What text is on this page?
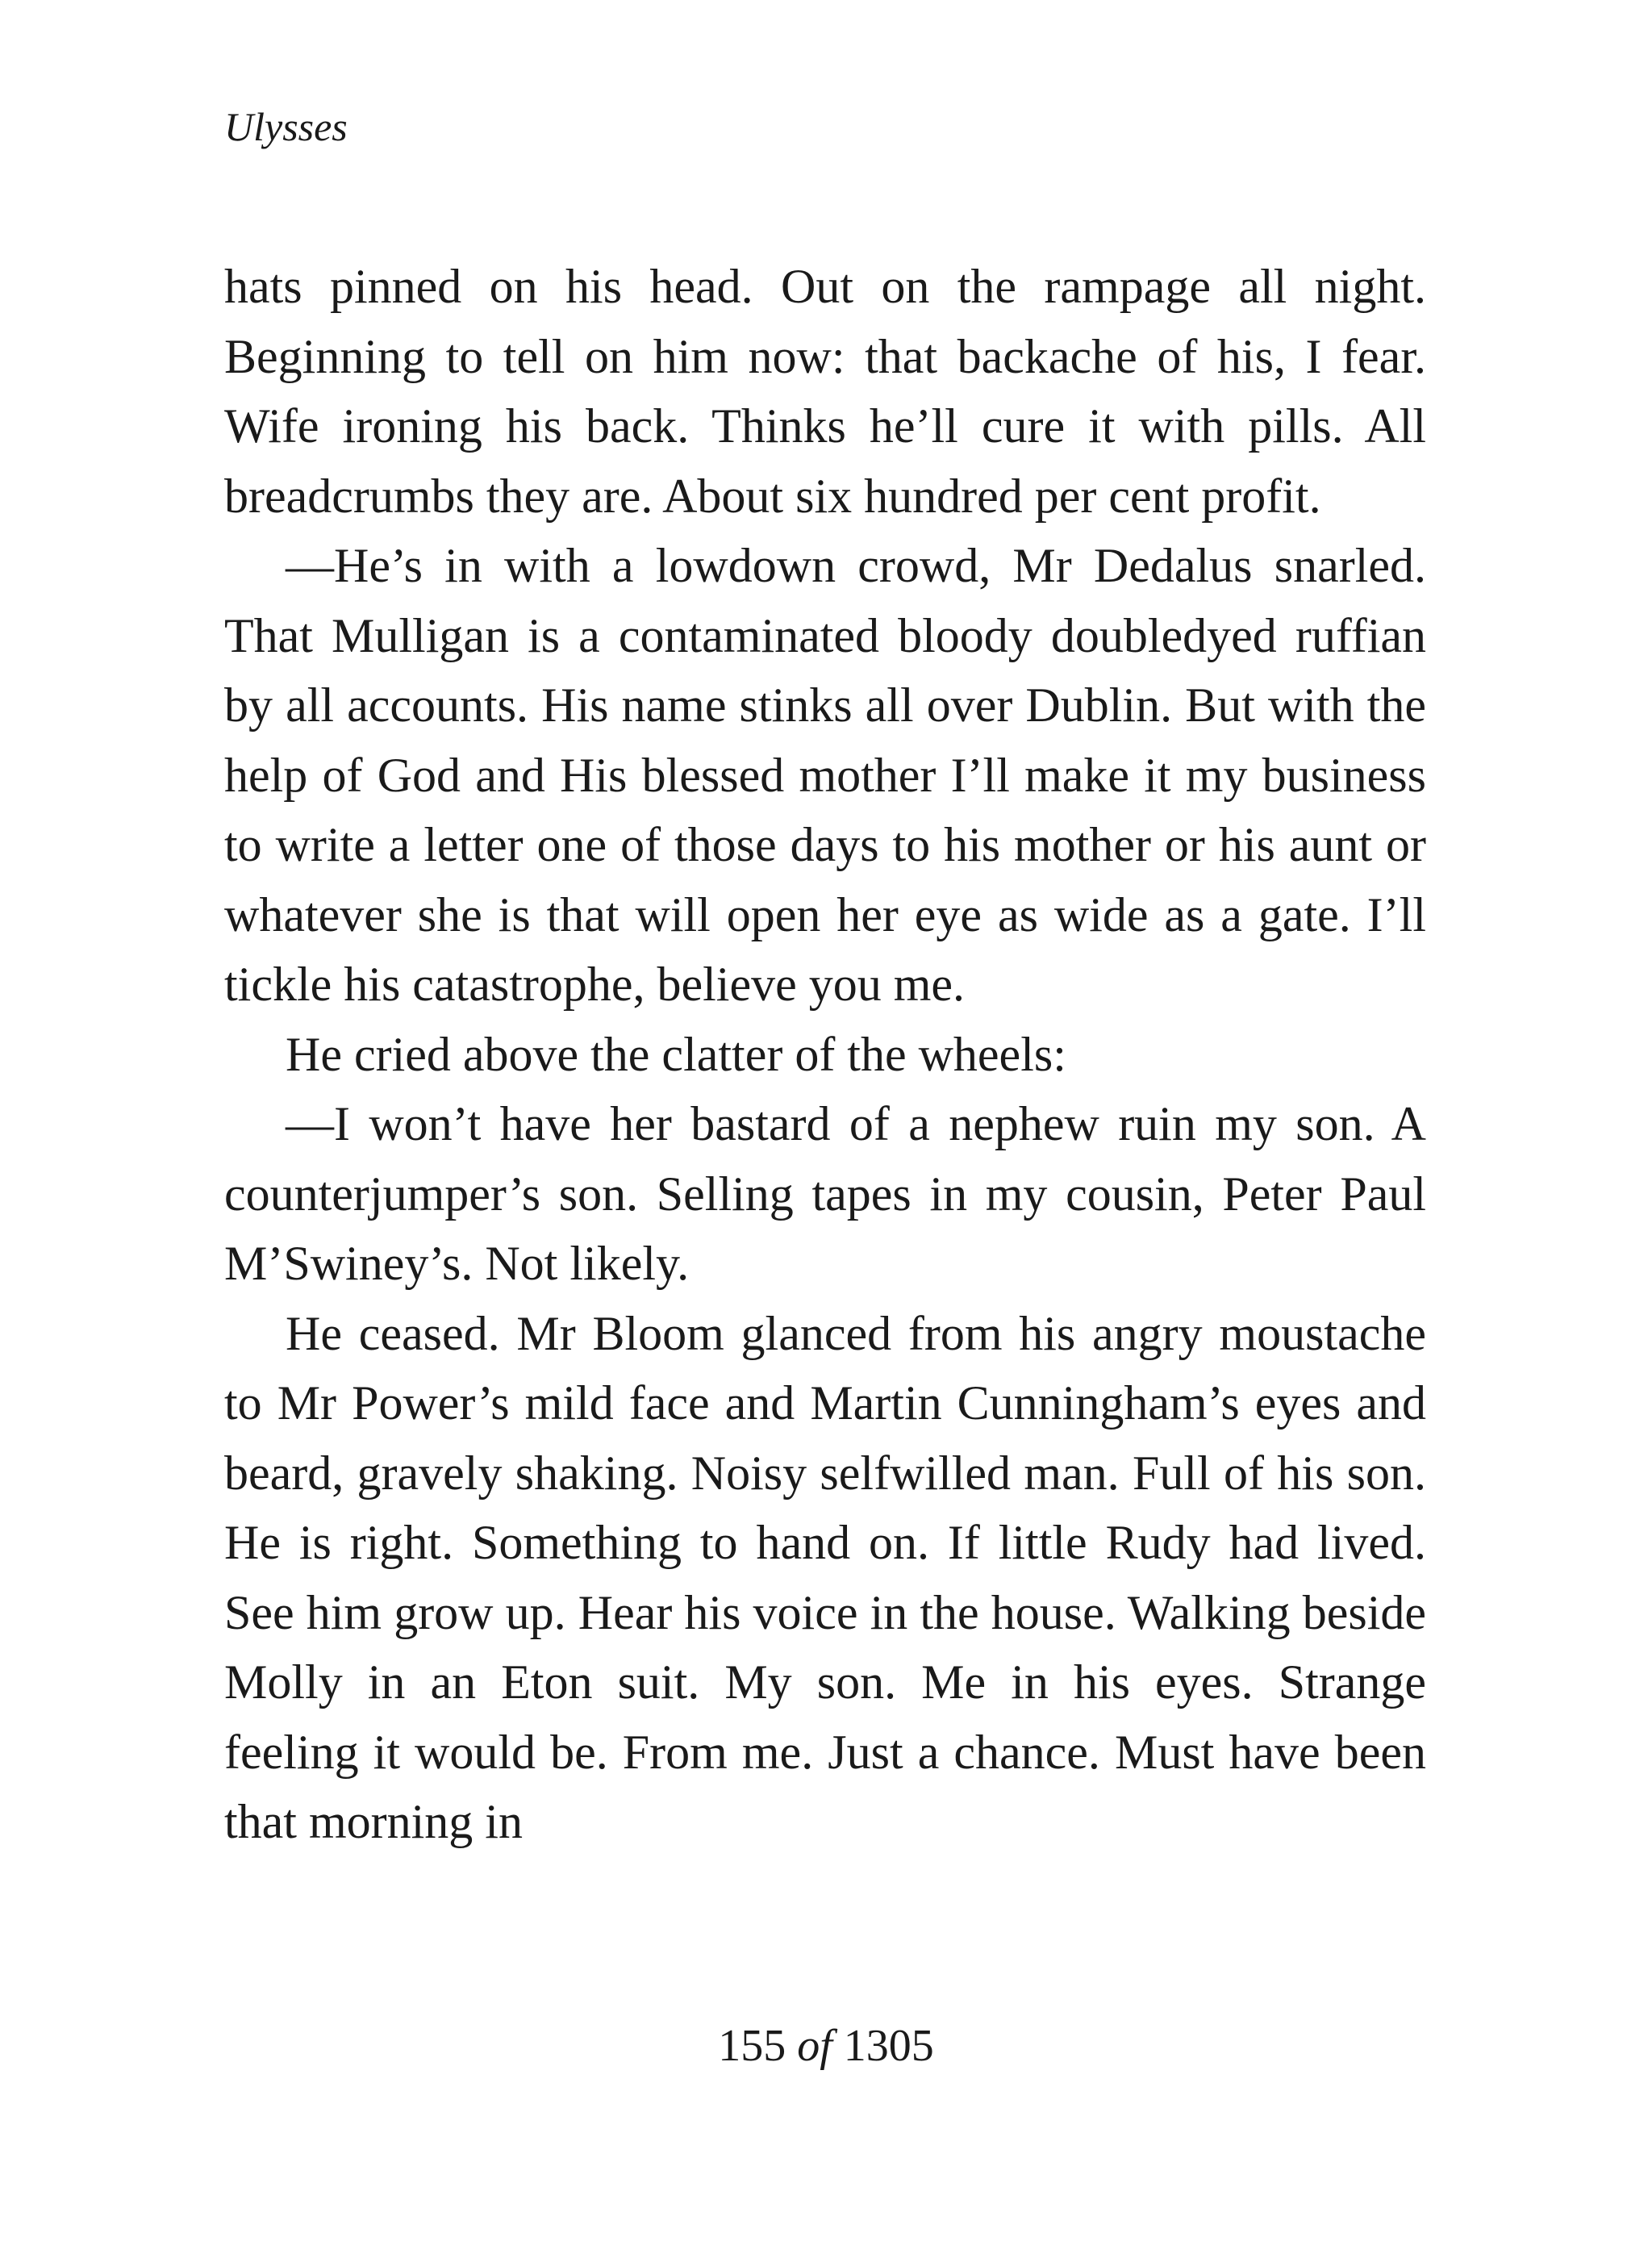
Ulysses

hats pinned on his head. Out on the rampage all night. Beginning to tell on him now: that backache of his, I fear. Wife ironing his back. Thinks he’ll cure it with pills. All breadcrumbs they are. About six hundred per cent profit.

—He’s in with a lowdown crowd, Mr Dedalus snarled. That Mulligan is a contaminated bloody doubledyed ruffian by all accounts. His name stinks all over Dublin. But with the help of God and His blessed mother I’ll make it my business to write a letter one of those days to his mother or his aunt or whatever she is that will open her eye as wide as a gate. I’ll tickle his catastrophe, believe you me.

He cried above the clatter of the wheels:

—I won’t have her bastard of a nephew ruin my son. A counterjumper’s son. Selling tapes in my cousin, Peter Paul M’Swiney’s. Not likely.

He ceased. Mr Bloom glanced from his angry moustache to Mr Power’s mild face and Martin Cunningham’s eyes and beard, gravely shaking. Noisy selfwilled man. Full of his son. He is right. Something to hand on. If little Rudy had lived. See him grow up. Hear his voice in the house. Walking beside Molly in an Eton suit. My son. Me in his eyes. Strange feeling it would be. From me. Just a chance. Must have been that morning in

155 of 1305
